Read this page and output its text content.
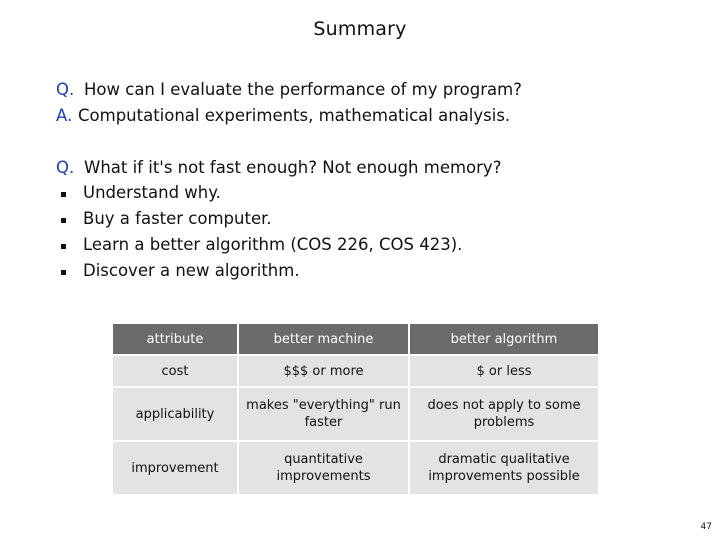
Summary
Q. How can I evaluate the performance of my program?
A. Computational experiments, mathematical analysis.
Q. What if it's not fast enough? Not enough memory?
Understand why.
Buy a faster computer.
Learn a better algorithm (COS 226, COS 423).
Discover a new algorithm.
attribute	better machine	better algorithm
cost	$$$ or more	$ or less
applicability	makes "everything" run faster	does not apply to some problems
improvement	quantitative improvements	dramatic qualitative improvements possible
47
